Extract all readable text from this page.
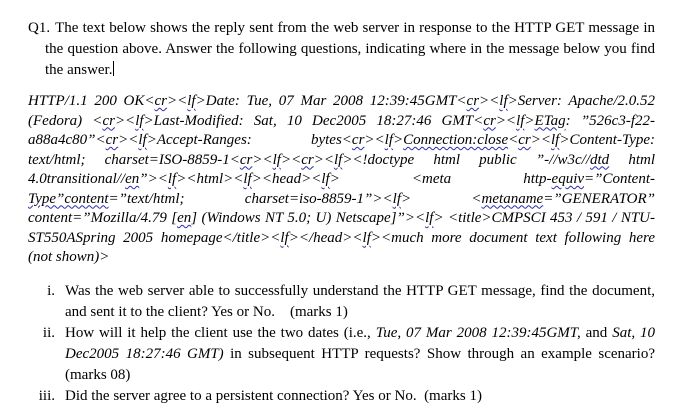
Q1. The text below shows the reply sent from the web server in response to the HTTP GET message in the question above. Answer the following questions, indicating where in the message below you find the answer.
HTTP/1.1 200 OK<cr><lf>Date: Tue, 07 Mar 2008 12:39:45GMT<cr><lf>Server: Apache/2.0.52 (Fedora) <cr><lf>Last-Modified: Sat, 10 Dec2005 18:27:46 GMT<cr><lf>ETag: ”526c3-f22-a88a4c80”<cr><lf>Accept-Ranges:     bytes<cr><lf>Connection:close<cr><lf>Content-Type: text/html; charset=ISO-8859-1<cr><lf><cr><lf><!doctype html public ”-//w3c//dtd html 4.0transitional//en”><lf><html><lf><head><lf> <meta http-equiv=”Content-Type”content=”text/html; charset=iso-8859-1”><lf> <metaname=”GENERATOR” content=”Mozilla/4.79 [en] (Windows NT 5.0; U) Netscape]”><lf> <title>CMPSCI 453 / 591 / NTU-ST550ASpring 2005 homepage</title><lf></head><lf><much more document text following here (not shown)>
i. Was the web server able to successfully understand the HTTP GET message, find the document, and sent it to the client? Yes or No.    (marks 1)
ii. How will it help the client use the two dates (i.e., Tue, 07 Mar 2008 12:39:45GMT, and Sat, 10 Dec2005 18:27:46 GMT) in subsequent HTTP requests? Show through an example scenario? (marks 08)
iii. Did the server agree to a persistent connection? Yes or No.  (marks 1)
